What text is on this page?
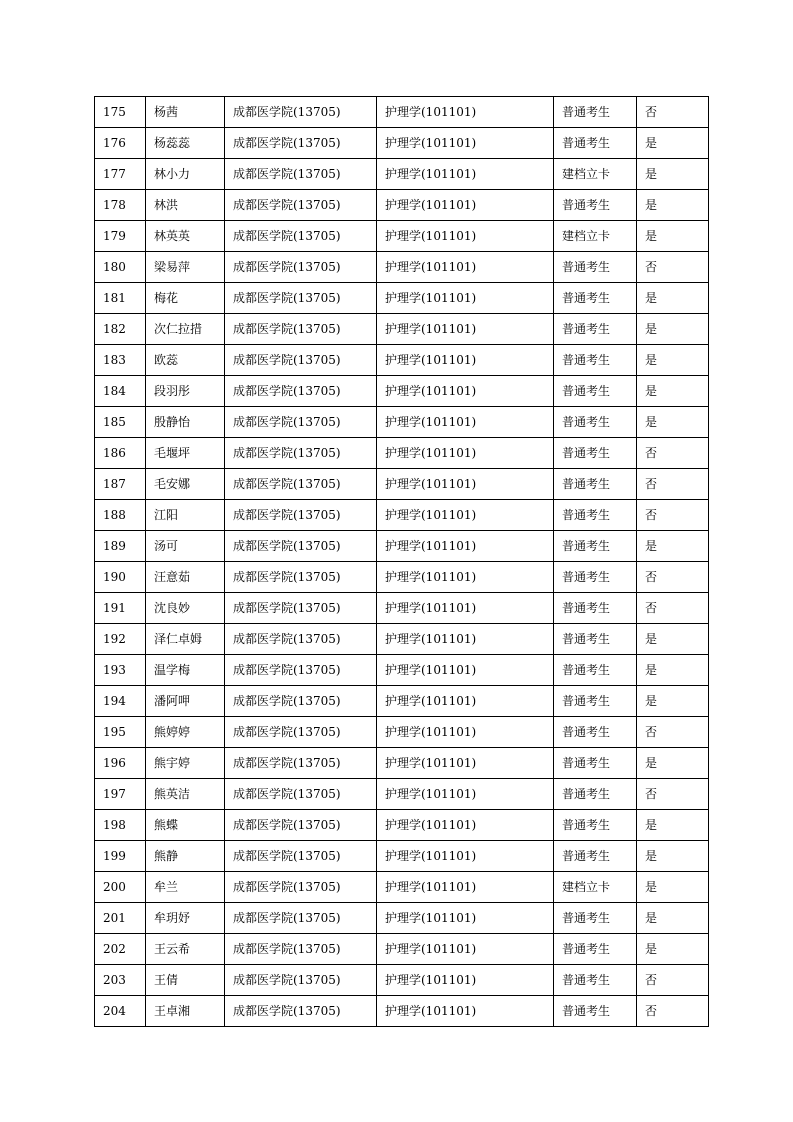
175	杨茜	成都医学院(13705)	护理学(101101)	普通考生	否
176	杨蕊蕊	成都医学院(13705)	护理学(101101)	普通考生	是
177	林小力	成都医学院(13705)	护理学(101101)	建档立卡	是
178	林洪	成都医学院(13705)	护理学(101101)	普通考生	是
179	林英英	成都医学院(13705)	护理学(101101)	建档立卡	是
180	梁易萍	成都医学院(13705)	护理学(101101)	普通考生	否
181	梅花	成都医学院(13705)	护理学(101101)	普通考生	是
182	次仁拉措	成都医学院(13705)	护理学(101101)	普通考生	是
183	欧蕊	成都医学院(13705)	护理学(101101)	普通考生	是
184	段羽彤	成都医学院(13705)	护理学(101101)	普通考生	是
185	殷静怡	成都医学院(13705)	护理学(101101)	普通考生	是
186	毛堰坪	成都医学院(13705)	护理学(101101)	普通考生	否
187	毛安娜	成都医学院(13705)	护理学(101101)	普通考生	否
188	江阳	成都医学院(13705)	护理学(101101)	普通考生	否
189	汤可	成都医学院(13705)	护理学(101101)	普通考生	是
190	汪意茹	成都医学院(13705)	护理学(101101)	普通考生	否
191	沈良妙	成都医学院(13705)	护理学(101101)	普通考生	否
192	泽仁卓姆	成都医学院(13705)	护理学(101101)	普通考生	是
193	温学梅	成都医学院(13705)	护理学(101101)	普通考生	是
194	潘阿呷	成都医学院(13705)	护理学(101101)	普通考生	是
195	熊婷婷	成都医学院(13705)	护理学(101101)	普通考生	否
196	熊宇婷	成都医学院(13705)	护理学(101101)	普通考生	是
197	熊英洁	成都医学院(13705)	护理学(101101)	普通考生	否
198	熊蝶	成都医学院(13705)	护理学(101101)	普通考生	是
199	熊静	成都医学院(13705)	护理学(101101)	普通考生	是
200	牟兰	成都医学院(13705)	护理学(101101)	建档立卡	是
201	牟玥妤	成都医学院(13705)	护理学(101101)	普通考生	是
202	王云希	成都医学院(13705)	护理学(101101)	普通考生	是
203	王倩	成都医学院(13705)	护理学(101101)	普通考生	否
204	王卓湘	成都医学院(13705)	护理学(101101)	普通考生	否
